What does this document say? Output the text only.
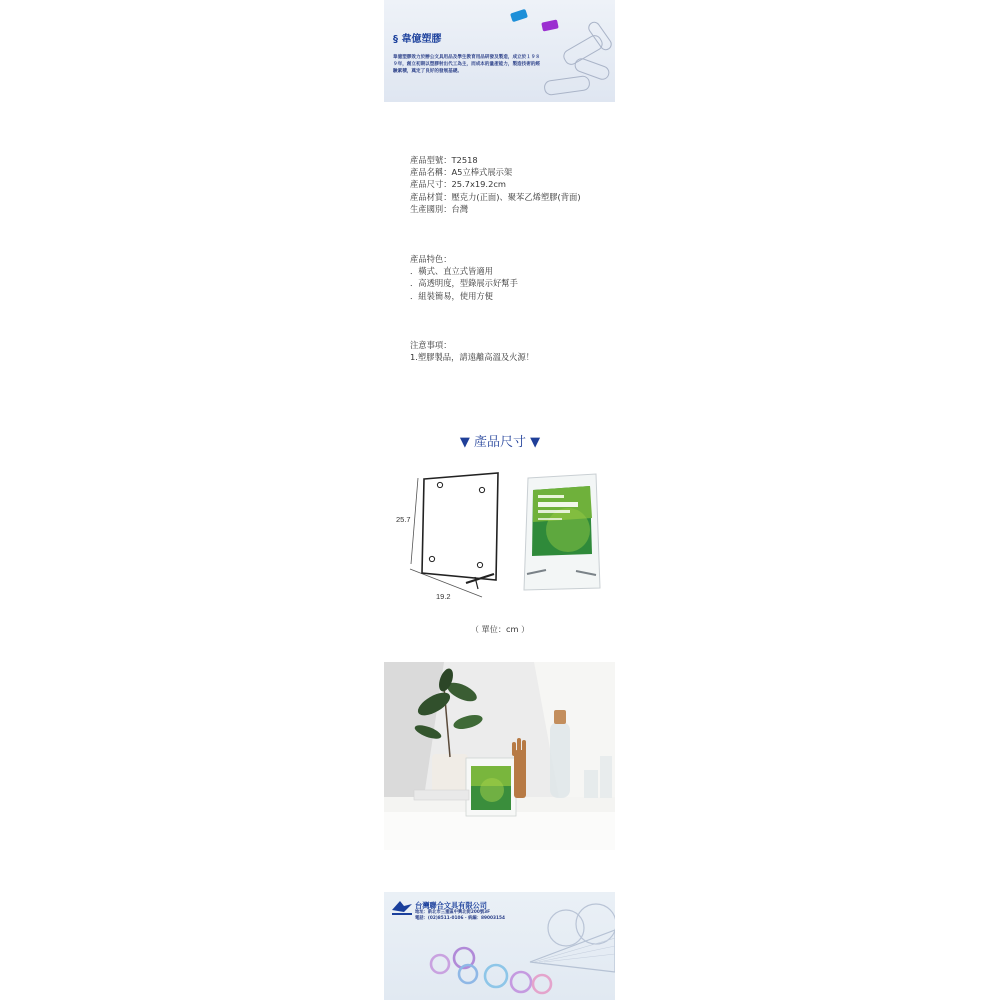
§ 韋億塑膠
韋億塑膠致力於辦公文具用品及學生教育用品研發及製造，成立於１９８９年，創立初期以塑膠射出代工為主，而成本的量產能力，製造技術的經驗累積，奠定了良好的發展基礎。
產品型號：T2518
產品名稱：A5立棒式展示架
產品尺寸：25.7x19.2cm
產品材質：壓克力(正面)、聚苯乙烯塑膠(背面)
生產國別：台灣
產品特色：
．橫式、直立式皆適用
．高透明度，型錄展示好幫手
．組裝簡易，使用方便
注意事項：
1.塑膠製品，請遠離高溫及火源！
▼ 產品尺寸 ▼
25.7
19.2
（ 單位：cm ）
台灣聯合文具有限公司
地址：新北市三重區中興北街200號3F
電話：(02)8511-0106 · 統編：89003154
